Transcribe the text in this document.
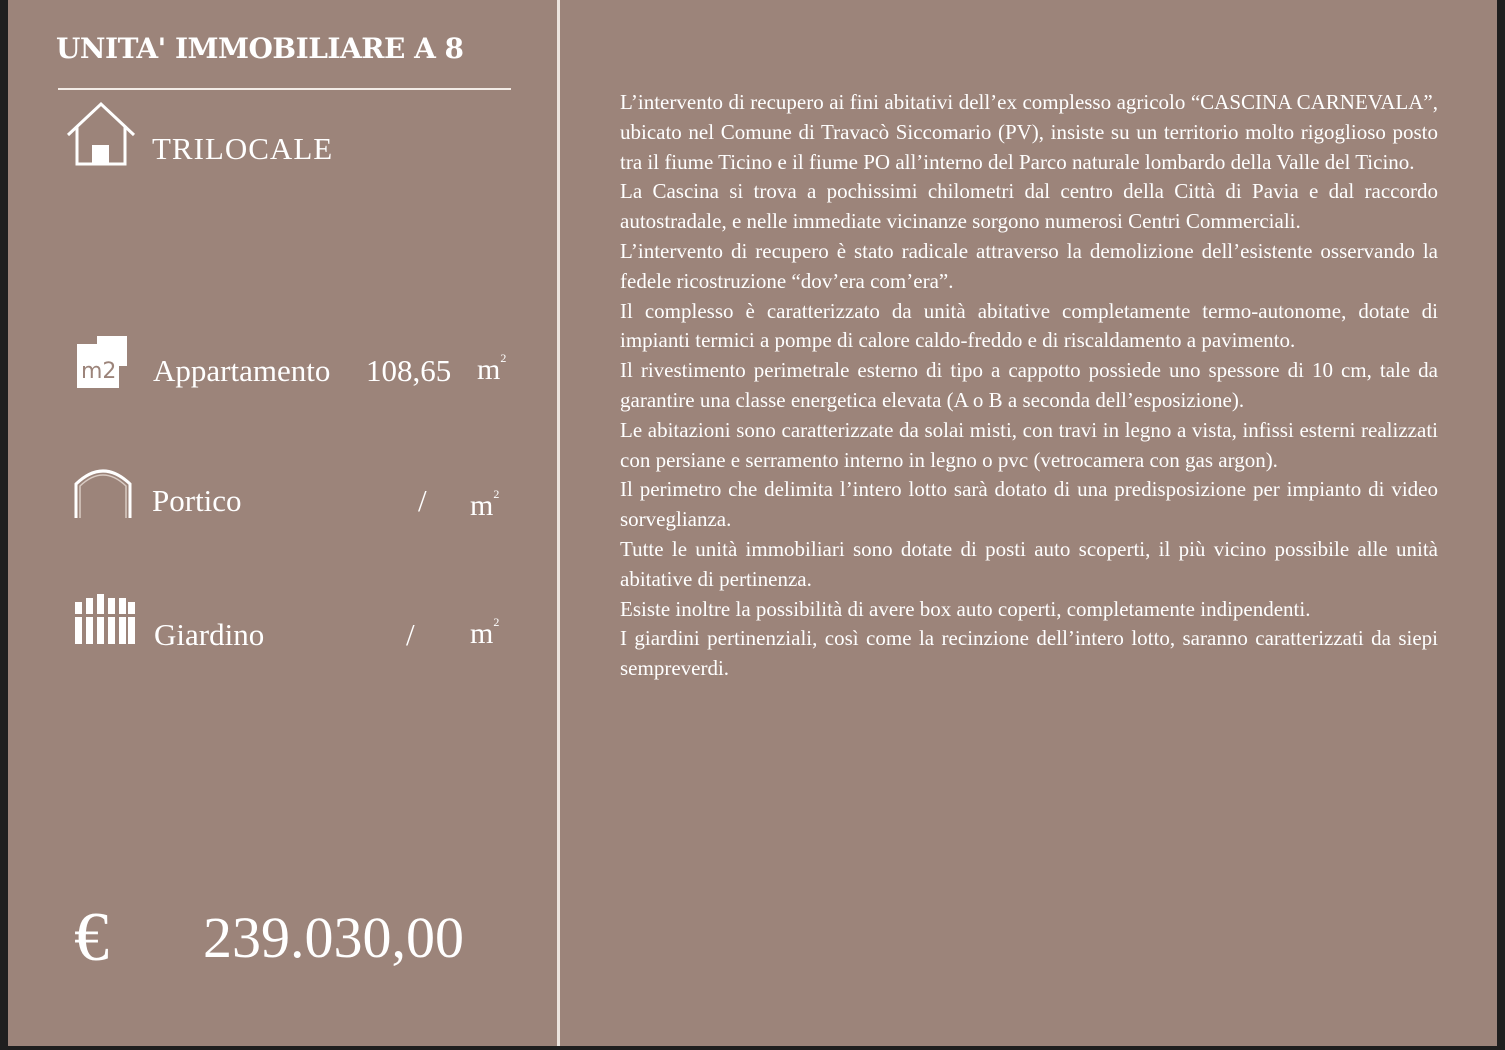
UNITA' IMMOBILIARE A 8
TRILOCALE
m2 Appartamento 108,65 $m^2$
Portico	/ $m^2$
Giardino	/ $m^2$
€ 239.030,00

L’intervento di recupero ai fini abitativi dell’ex complesso agricolo “CASCINA CARNEVALA”, ubicato nel Comune di Travacò Siccomario (PV), insiste su un territorio molto rigoglioso posto tra il fiume Ticino e il fiume PO all’interno del Parco naturale lombardo della Valle del Ticino.

La Cascina si trova a pochissimi chilometri dal centro della Città di Pavia e dal raccordo autostradale, e nelle immediate vicinanze sorgono numerosi Centri Commerciali.

L’intervento di recupero è stato radicale attraverso la demolizione dell’esistente osservando la fedele ricostruzione “dov’era com’era”.

Il complesso è caratterizzato da unità abitative completamente termo-autonome, dotate di impianti termici a pompe di calore caldo-freddo e di riscaldamento a pavimento.

Il rivestimento perimetrale esterno di tipo a cappotto possiede uno spessore di 10 cm, tale da garantire una classe energetica elevata (A o B a seconda dell’esposizione).

Le abitazioni sono caratterizzate da solai misti, con travi in legno a vista, infissi esterni realizzati con persiane e serramento interno in legno o pvc (vetrocamera con gas argon).

Il perimetro che delimita l’intero lotto sarà dotato di una predisposizione per impianto di video sorveglianza.

Tutte le unità immobiliari sono dotate di posti auto scoperti, il più vicino possibile alle unità abitative di pertinenza.

Esiste inoltre la possibilità di avere box auto coperti, completamente indipendenti.

I giardini pertinenziali, così come la recinzione dell’intero lotto, saranno caratterizzati da siepi sempreverdi.
